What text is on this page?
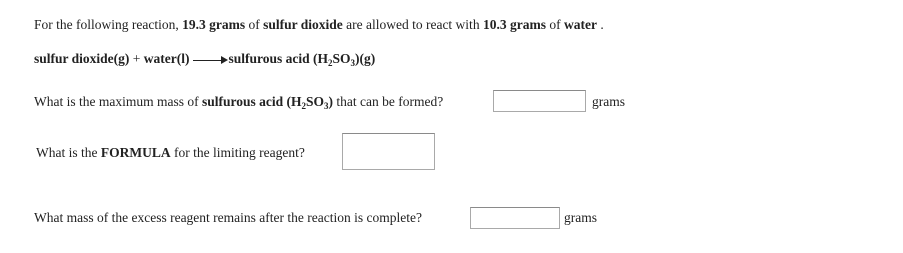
For the following reaction, 19.3 grams of sulfur dioxide are allowed to react with 10.3 grams of water .
sulfur dioxide(g) + water(l)	sulfurous acid $(H_2SO_3)(g)$
What is the maximum mass of sulfurous acid $(H_2SO_3)$ that can be formed?	grams
What is the FORMULA for the limiting reagent?
What mass of the excess reagent remains after the reaction is complete?	grams
